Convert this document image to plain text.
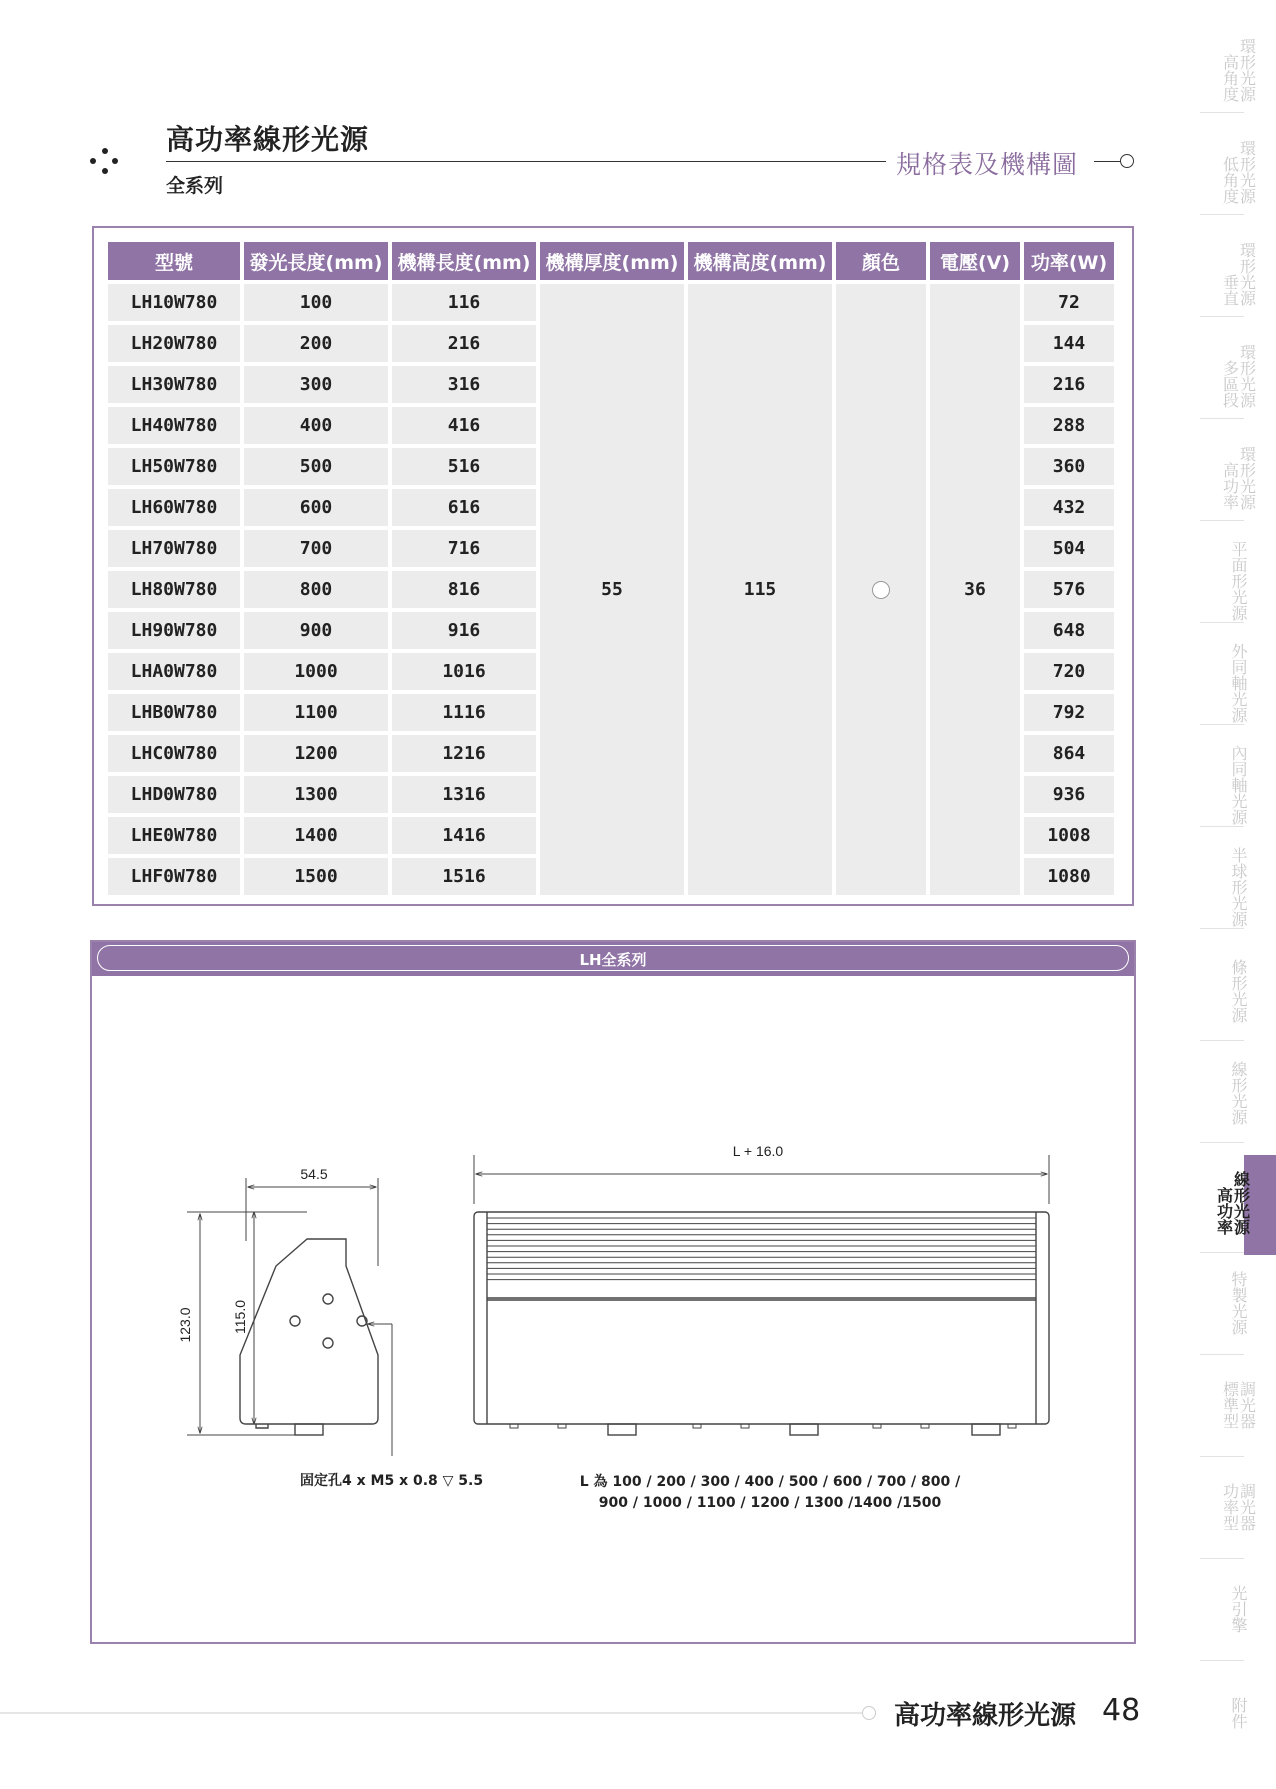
高功率線形光源
全系列
規格表及機構圖
型號	發光長度(mm)	機構長度(mm)	機構厚度(mm)	機構高度(mm)	顏色	電壓(V)	功率(W)
LH10W780	100	116	55	115		36	72
LH20W780	200	216					144
LH30W780	300	316					216
LH40W780	400	416					288
LH50W780	500	516					360
LH60W780	600	616					432
LH70W780	700	716					504
LH80W780	800	816					576
LH90W780	900	916					648
LHA0W780	1000	1016					720
LHB0W780	1100	1116					792
LHC0W780	1200	1216					864
LHD0W780	1300	1316					936
LHE0W780	1400	1416					1008
LHF0W780	1500	1516					1080
LH全系列
54.5
123.0	115.0
L + 16.0
固定孔4 x M5 x 0.8 ▽ 5.5	L 為 100 / 200 / 300 / 400 / 500 / 600 / 700 / 800 /
900 / 1000 / 1100 / 1200 / 1300 /1400 /1500
高功率線形光源 48
環形光源
高角度
環形光源
低角度
環形光源
垂直
環形光源
多區段
環形光源
高功率
平面形光源
外同軸光源
內同軸光源
半球形光源
條形光源
線形光源
線形光源
高功率
特製光源
調光器
標準型
調光器
功率型
光引擎
附件
